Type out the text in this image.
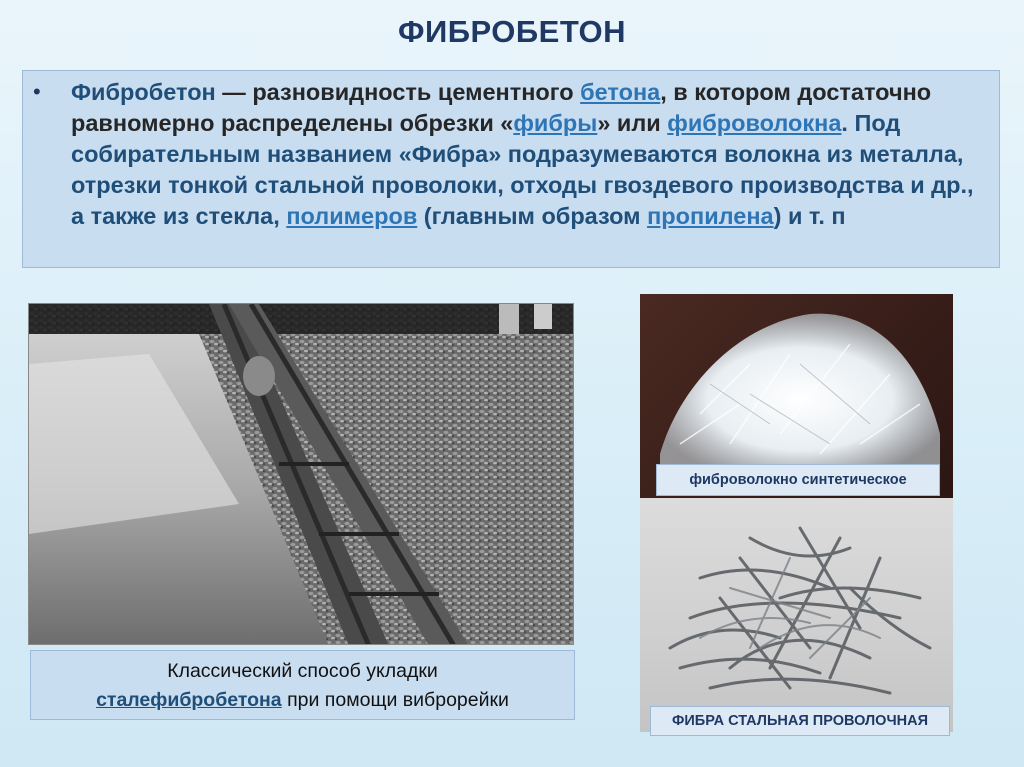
ФИБРОБЕТОН
• Фибробетон — разновидность цементного бетона, в котором достаточно равномерно распределены обрезки «фибры» или фиброволокна. Под собирательным названием «Фибра» подразумеваются волокна из металла, отрезки тонкой стальной проволоки, отходы гвоздевого производства и др., а также из стекла, полимеров (главным образом пропилена) и т. п
Классический способ укладки
сталефибробетона при помощи виброрейки
фиброволокно синтетическое
ФИБРА СТАЛЬНАЯ ПРОВОЛОЧНАЯ
